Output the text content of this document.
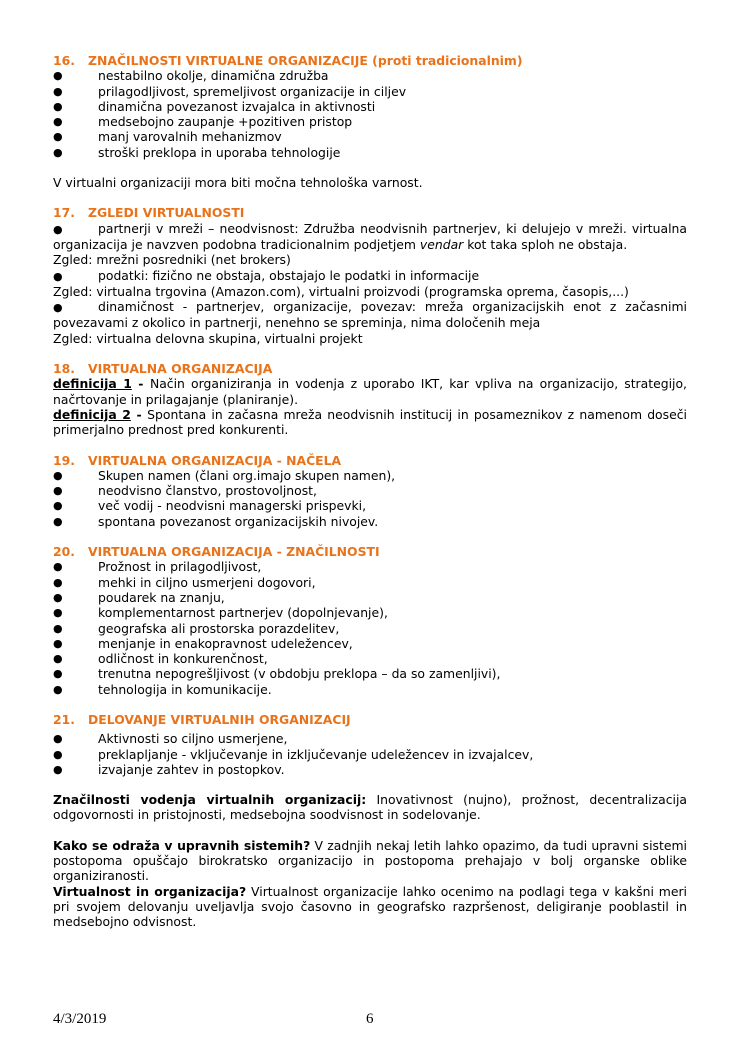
16. ZNAČILNOSTI VIRTUALNE ORGANIZACIJE (proti tradicionalnim)

● nestabilno okolje, dinamična združba
● prilagodljivost, spremeljivost organizacije in ciljev
● dinamična povezanost izvajalca in aktivnosti
● medsebojno zaupanje +pozitiven pristop
● manj varovalnih mehanizmov
● stroški preklopa in uporaba tehnologije

V virtualni organizaciji mora biti močna tehnološka varnost.

17. ZGLEDI VIRTUALNOSTI

●partnerji v mreži – neodvisnost: Združba neodvisnih partnerjev, ki delujejo v mreži. virtualna organizacija je navzven podobna tradicionalnim podjetjem vendar kot taka sploh ne obstaja.

Zgled: mrežni posredniki (net brokers)

●podatki: fizično ne obstaja, obstajajo le podatki in informacije

Zgled: virtualna trgovina (Amazon.com), virtualni proizvodi (programska oprema, časopis,...)

●dinamičnost - partnerjev, organizacije, povezav: mreža organizacijskih enot z začasnimi povezavami z okolico in partnerji, nenehno se spreminja, nima določenih meja

Zgled: virtualna delovna skupina, virtualni projekt

18. VIRTUALNA ORGANIZACIJA

definicija 1 - Način organiziranja in vodenja z uporabo IKT, kar vpliva na organizacijo, strategijo, načrtovanje in prilagajanje (planiranje).

definicija 2 - Spontana in začasna mreža neodvisnih institucij in posameznikov z namenom doseči primerjalno prednost pred konkurenti.

19. VIRTUALNA ORGANIZACIJA - NAČELA

● Skupen namen (člani org.imajo skupen namen),
● neodvisno članstvo, prostovoljnost,
● več vodij - neodvisni managerski prispevki,
● spontana povezanost organizacijskih nivojev.

20. VIRTUALNA ORGANIZACIJA - ZNAČILNOSTI

● Prožnost in prilagodljivost,
● mehki in ciljno usmerjeni dogovori,
● poudarek na znanju,
● komplementarnost partnerjev (dopolnjevanje),
● geografska ali prostorska porazdelitev,
● menjanje in enakopravnost udeležencev,
● odličnost in konkurenčnost,
● trenutna nepogrešljivost (v obdobju preklopa – da so zamenljivi),
● tehnologija in komunikacije.

21. DELOVANJE VIRTUALNIH ORGANIZACIJ

● Aktivnosti so ciljno usmerjene,
● preklapljanje - vključevanje in izključevanje udeležencev in izvajalcev,
● izvajanje zahtev in postopkov.

Značilnosti vodenja virtualnih organizacij: Inovativnost (nujno), prožnost, decentralizacija odgovornosti in pristojnosti, medsebojna soodvisnost in sodelovanje.

Kako se odraža v upravnih sistemih? V zadnjih nekaj letih lahko opazimo, da tudi upravni sistemi postopoma opuščajo birokratsko organizacijo in postopoma prehajajo v bolj organske oblike organiziranosti.

Virtualnost in organizacija? Virtualnost organizacije lahko ocenimo na podlagi tega v kakšni meri pri svojem delovanju uveljavlja svojo časovno in geografsko razpršenost, deligiranje pooblastil in medsebojno odvisnost.

4/3/2019	6
